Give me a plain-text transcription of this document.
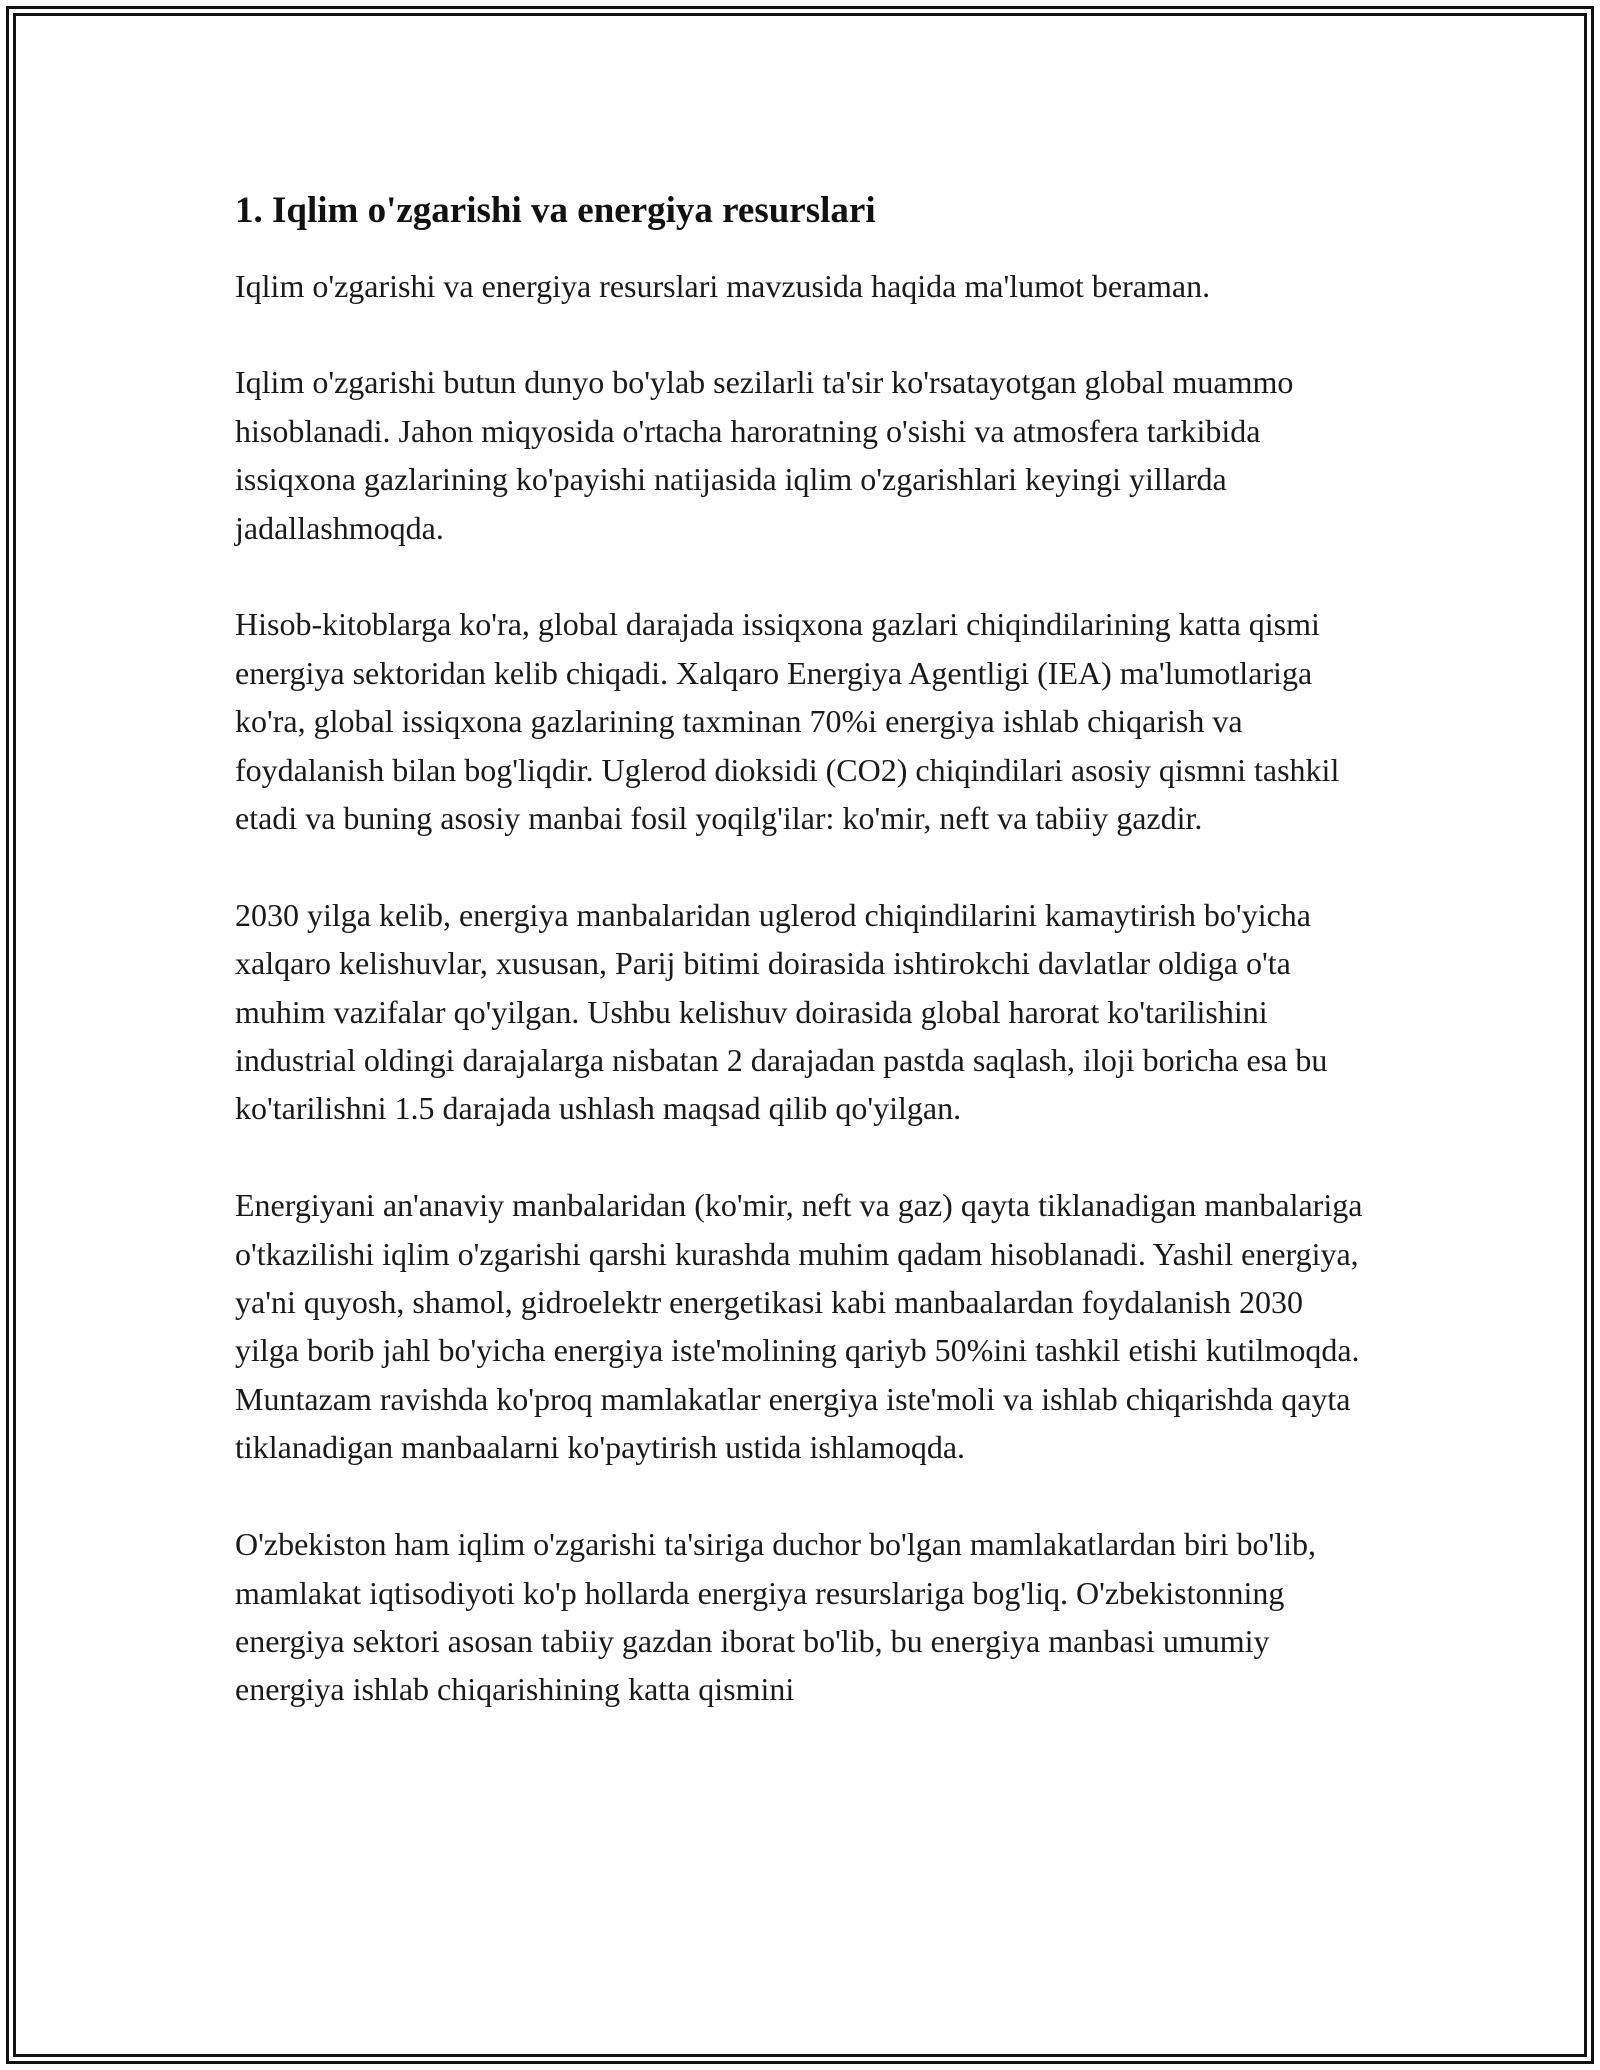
1. Iqlim o'zgarishi va energiya resurslari

Iqlim o'zgarishi va energiya resurslari mavzusida haqida ma'lumot beraman.

Iqlim o'zgarishi butun dunyo bo'ylab sezilarli ta'sir ko'rsatayotgan global muammo hisoblanadi. Jahon miqyosida o'rtacha haroratning o'sishi va atmosfera tarkibida issiqxona gazlarining ko'payishi natijasida iqlim o'zgarishlari keyingi yillarda jadallashmoqda.

Hisob-kitoblarga ko'ra, global darajada issiqxona gazlari chiqindilarining katta qismi energiya sektoridan kelib chiqadi. Xalqaro Energiya Agentligi (IEA) ma'lumotlariga ko'ra, global issiqxona gazlarining taxminan 70%i energiya ishlab chiqarish va foydalanish bilan bog'liqdir. Uglerod dioksidi (CO2) chiqindilari asosiy qismni tashkil etadi va buning asosiy manbai fosil yoqilg'ilar: ko'mir, neft va tabiiy gazdir.

2030 yilga kelib, energiya manbalaridan uglerod chiqindilarini kamaytirish bo'yicha xalqaro kelishuvlar, xususan, Parij bitimi doirasida ishtirokchi davlatlar oldiga o'ta muhim vazifalar qo'yilgan. Ushbu kelishuv doirasida global harorat ko'tarilishini industrial oldingi darajalarga nisbatan 2 darajadan pastda saqlash, iloji boricha esa bu ko'tarilishni 1.5 darajada ushlash maqsad qilib qo'yilgan.

Energiyani an'anaviy manbalaridan (ko'mir, neft va gaz) qayta tiklanadigan manbalariga o'tkazilishi iqlim o'zgarishi qarshi kurashda muhim qadam hisoblanadi. Yashil energiya, ya'ni quyosh, shamol, gidroelektr energetikasi kabi manbaalardan foydalanish 2030 yilga borib jahl bo'yicha energiya iste'molining qariyb 50%ini tashkil etishi kutilmoqda. Muntazam ravishda ko'proq mamlakatlar energiya iste'moli va ishlab chiqarishda qayta tiklanadigan manbaalarni ko'paytirish ustida ishlamoqda.

O'zbekiston ham iqlim o'zgarishi ta'siriga duchor bo'lgan mamlakatlardan biri bo'lib, mamlakat iqtisodiyoti ko'p hollarda energiya resurslariga bog'liq. O'zbekistonning energiya sektori asosan tabiiy gazdan iborat bo'lib, bu energiya manbasi umumiy energiya ishlab chiqarishining katta qismini
